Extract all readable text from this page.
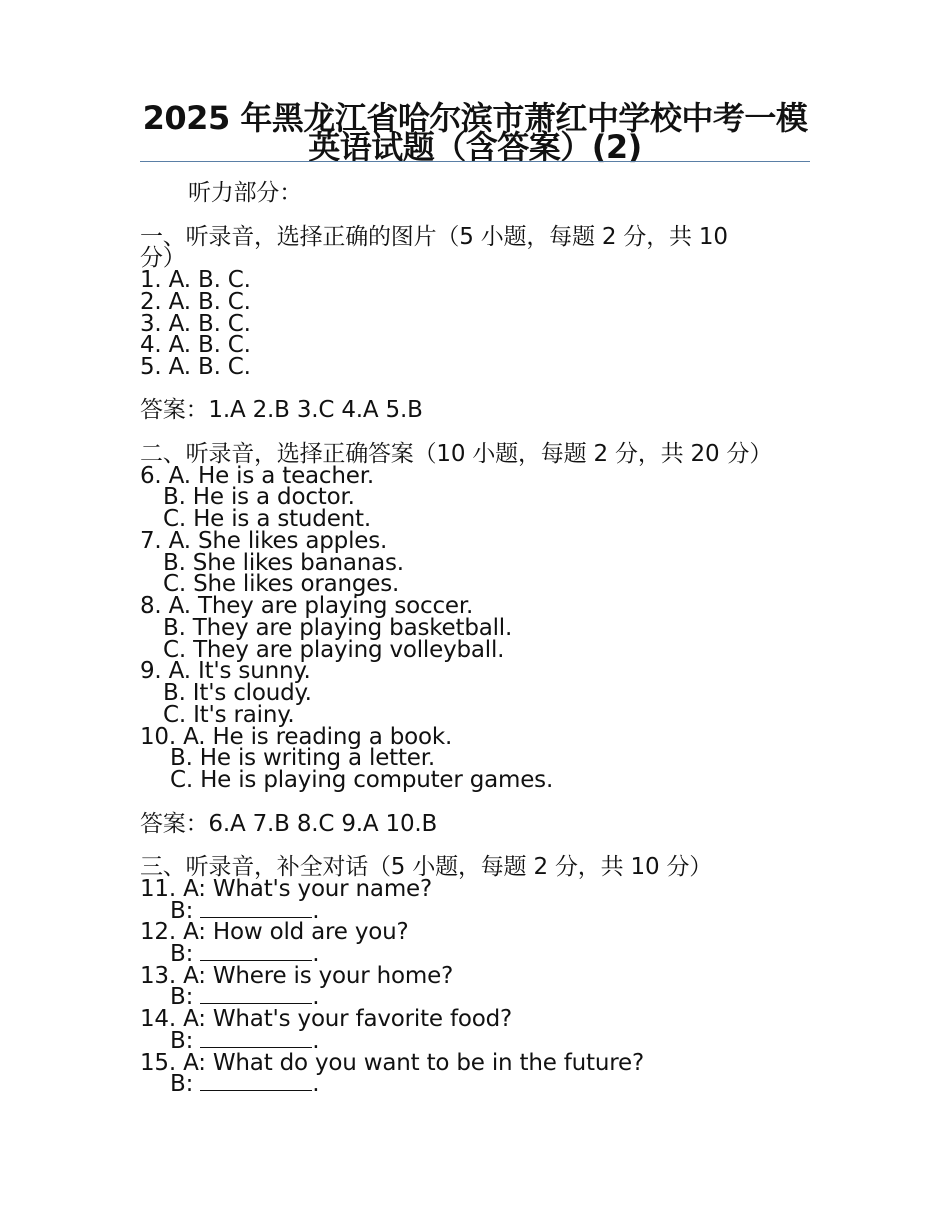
2025 年黑龙江省哈尔滨市萧红中学校中考一模英语试题（含答案）(2)
听力部分：
一、听录音，选择正确的图片（5 小题，每题 2 分，共 10
分）
1. A. B. C.
2. A. B. C.
3. A. B. C.
4. A. B. C.
5. A. B. C.
答案：1.A 2.B 3.C 4.A 5.B
二、听录音，选择正确答案（10 小题，每题 2 分，共 20 分）
6. A. He is a teacher.
B. He is a doctor.
C. He is a student.
7. A. She likes apples.
B. She likes bananas.
C. She likes oranges.
8. A. They are playing soccer.
B. They are playing basketball.
C. They are playing volleyball.
9. A. It's sunny.
B. It's cloudy.
C. It's rainy.
10. A. He is reading a book.
B. He is writing a letter.
C. He is playing computer games.
答案：6.A 7.B 8.C 9.A 10.B
三、听录音，补全对话（5 小题，每题 2 分，共 10 分）
11. A: What's your name?
B:	.
12. A: How old are you?
B:	.
13. A: Where is your home?
B:	.
14. A: What's your favorite food?
B:	.
15. A: What do you want to be in the future?
B:	.
